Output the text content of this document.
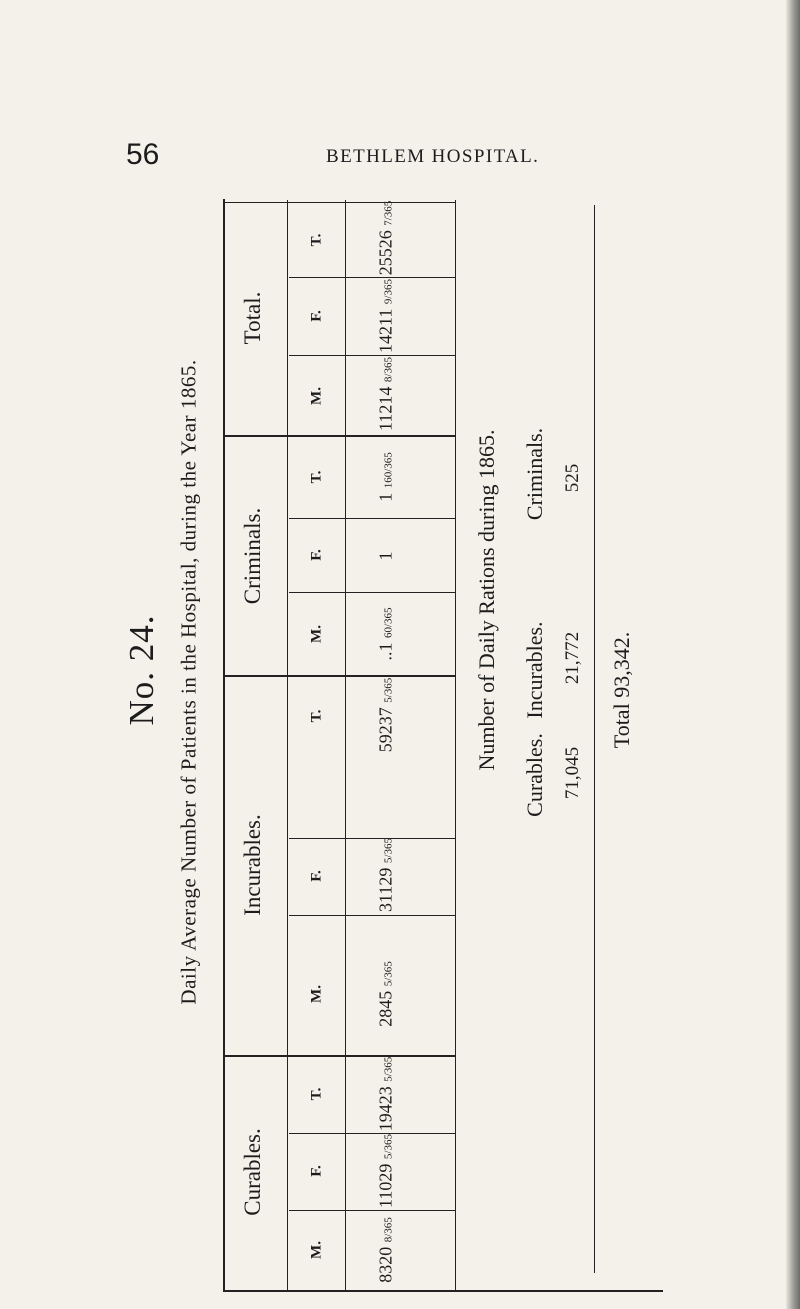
56	BETHLEM HOSPITAL.
No. 24. Daily Average Number of Patients in the Hospital, during the Year 1865.
Total.
Criminals.
Incurables.
Curables.
T.
F.
M.
T.
F.
M.
T.
F.
M.
T.
F.
M.
25526 7/365
14211 9/365
11214 8/365
1 160/365
1
..1 60/365
59237 5/365
31129 5/365
2845 5/365
19423 5/365
11029 5/365
8320 8/365
Number of Daily Rations during 1865.
Curables.
Incurables.
Criminals.
71,045
21,772
525
Total 93,342.
